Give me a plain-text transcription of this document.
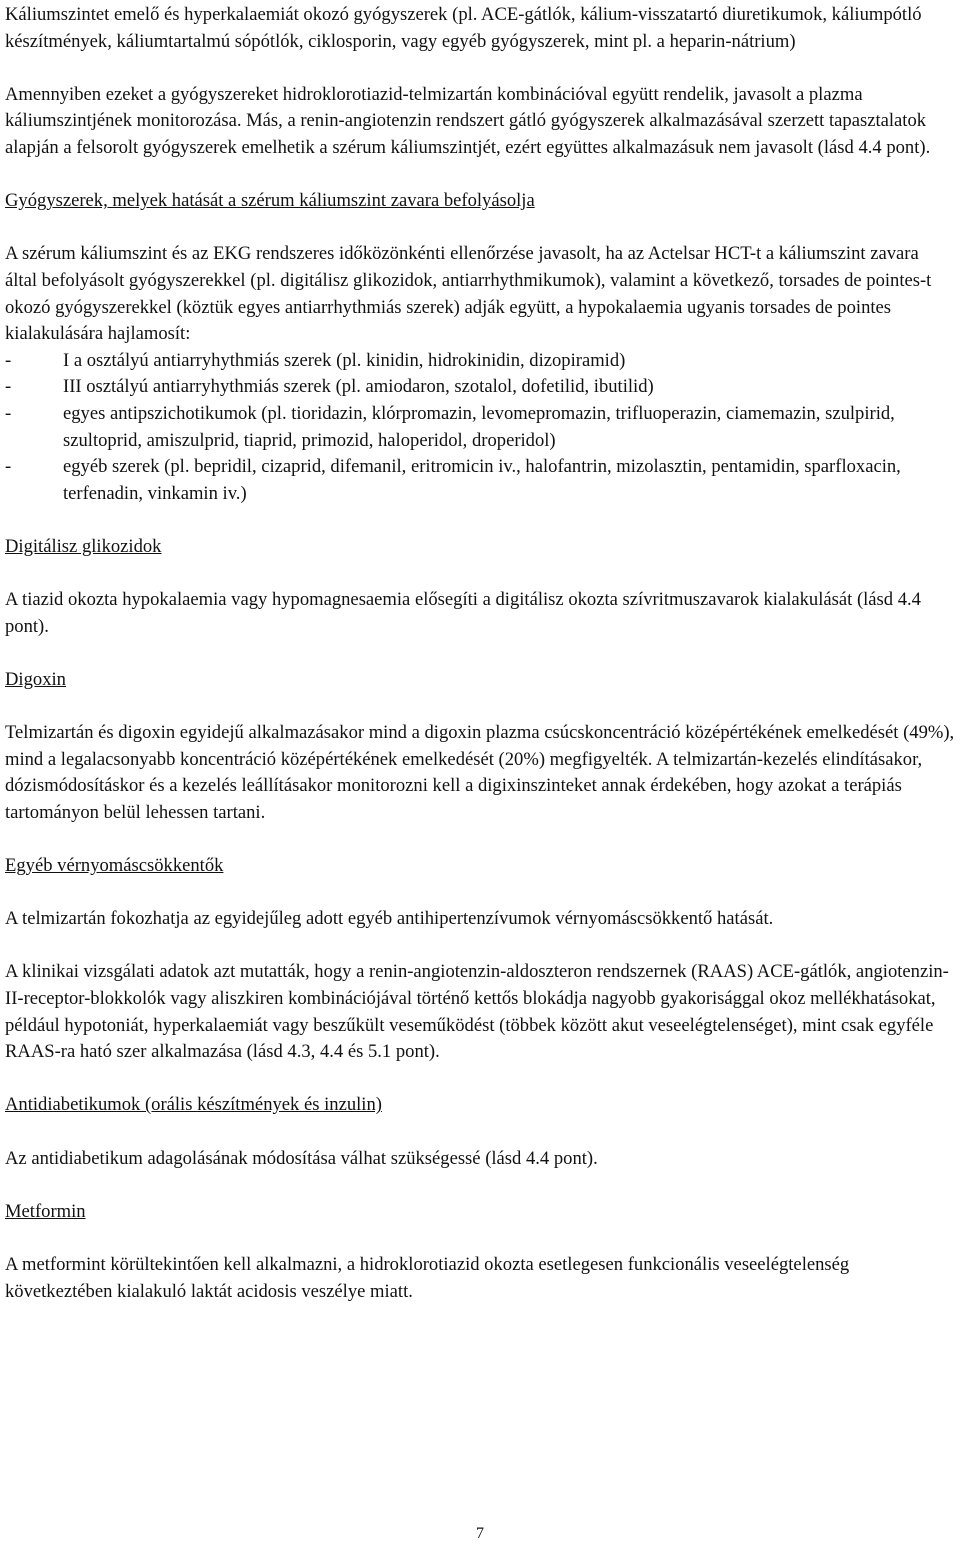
Káliumszintet emelő és hyperkalaemiát okozó gyógyszerek (pl. ACE-gátlók, kálium-visszatartó diuretikumok, káliumpótló készítmények, káliumtartalmú sópótlók, ciklosporin, vagy egyéb gyógyszerek, mint pl. a heparin-nátrium)

Amennyiben ezeket a gyógyszereket hidroklorotiazid-telmizartán kombinációval együtt rendelik, javasolt a plazma káliumszintjének monitorozása. Más, a renin-angiotenzin rendszert gátló gyógyszerek alkalmazásával szerzett tapasztalatok alapján a felsorolt gyógyszerek emelhetik a szérum káliumszintjét, ezért együttes alkalmazásuk nem javasolt (lásd 4.4 pont).

Gyógyszerek, melyek hatását a szérum káliumszint zavara befolyásolja

A szérum káliumszint és az EKG rendszeres időközönkénti ellenőrzése javasolt, ha az Actelsar HCT-t a káliumszint zavara által befolyásolt gyógyszerekkel (pl. digitálisz glikozidok, antiarrhythmikumok), valamint a következő, torsades de pointes-t okozó gyógyszerekkel (köztük egyes antiarrhythmiás szerek) adják együtt, a hypokalaemia ugyanis torsades de pointes kialakulására hajlamosít:

-	I a osztályú antiarryhythmiás szerek (pl. kinidin, hidrokinidin, dizopiramid)
-	III osztályú antiarryhythmiás szerek (pl. amiodaron, szotalol, dofetilid, ibutilid)
-	egyes antipszichotikumok (pl. tioridazin, klórpromazin, levomepromazin, trifluoperazin, ciamemazin, szulpirid, szultoprid, amiszulprid, tiaprid, primozid, haloperidol, droperidol)
-	egyéb szerek (pl. bepridil, cizaprid, difemanil, eritromicin iv., halofantrin, mizolasztin, pentamidin, sparfloxacin, terfenadin, vinkamin iv.)

Digitálisz glikozidok

A tiazid okozta hypokalaemia vagy hypomagnesaemia elősegíti a digitálisz okozta szívritmuszavarok kialakulását (lásd 4.4 pont).

Digoxin

Telmizartán és digoxin egyidejű alkalmazásakor mind a digoxin plazma csúcskoncentráció középértékének emelkedését (49%), mind a legalacsonyabb koncentráció középértékének emelkedését (20%) megfigyelték. A telmizartán-kezelés elindításakor, dózismódosításkor és a kezelés leállításakor monitorozni kell a digixinszinteket annak érdekében, hogy azokat a terápiás tartományon belül lehessen tartani.

Egyéb vérnyomáscsökkentők

A telmizartán fokozhatja az egyidejűleg adott egyéb antihipertenzívumok vérnyomáscsökkentő hatását.

A klinikai vizsgálati adatok azt mutatták, hogy a renin-angiotenzin-aldoszteron rendszernek (RAAS) ACE-gátlók, angiotenzin-II-receptor-blokkolók vagy aliszkiren kombinációjával történő kettős blokádja nagyobb gyakorisággal okoz mellékhatásokat, például hypotoniát, hyperkalaemiát vagy beszűkült veseműködést (többek között akut veseelégtelenséget), mint csak egyféle RAAS-ra ható szer alkalmazása (lásd 4.3, 4.4 és 5.1 pont).

Antidiabetikumok (orális készítmények és inzulin)

Az antidiabetikum adagolásának módosítása válhat szükségessé (lásd 4.4 pont).

Metformin

A metformint körültekintően kell alkalmazni, a hidroklorotiazid okozta esetlegesen funkcionális veseelégtelenség következtében kialakuló laktát acidosis veszélye miatt.

7
